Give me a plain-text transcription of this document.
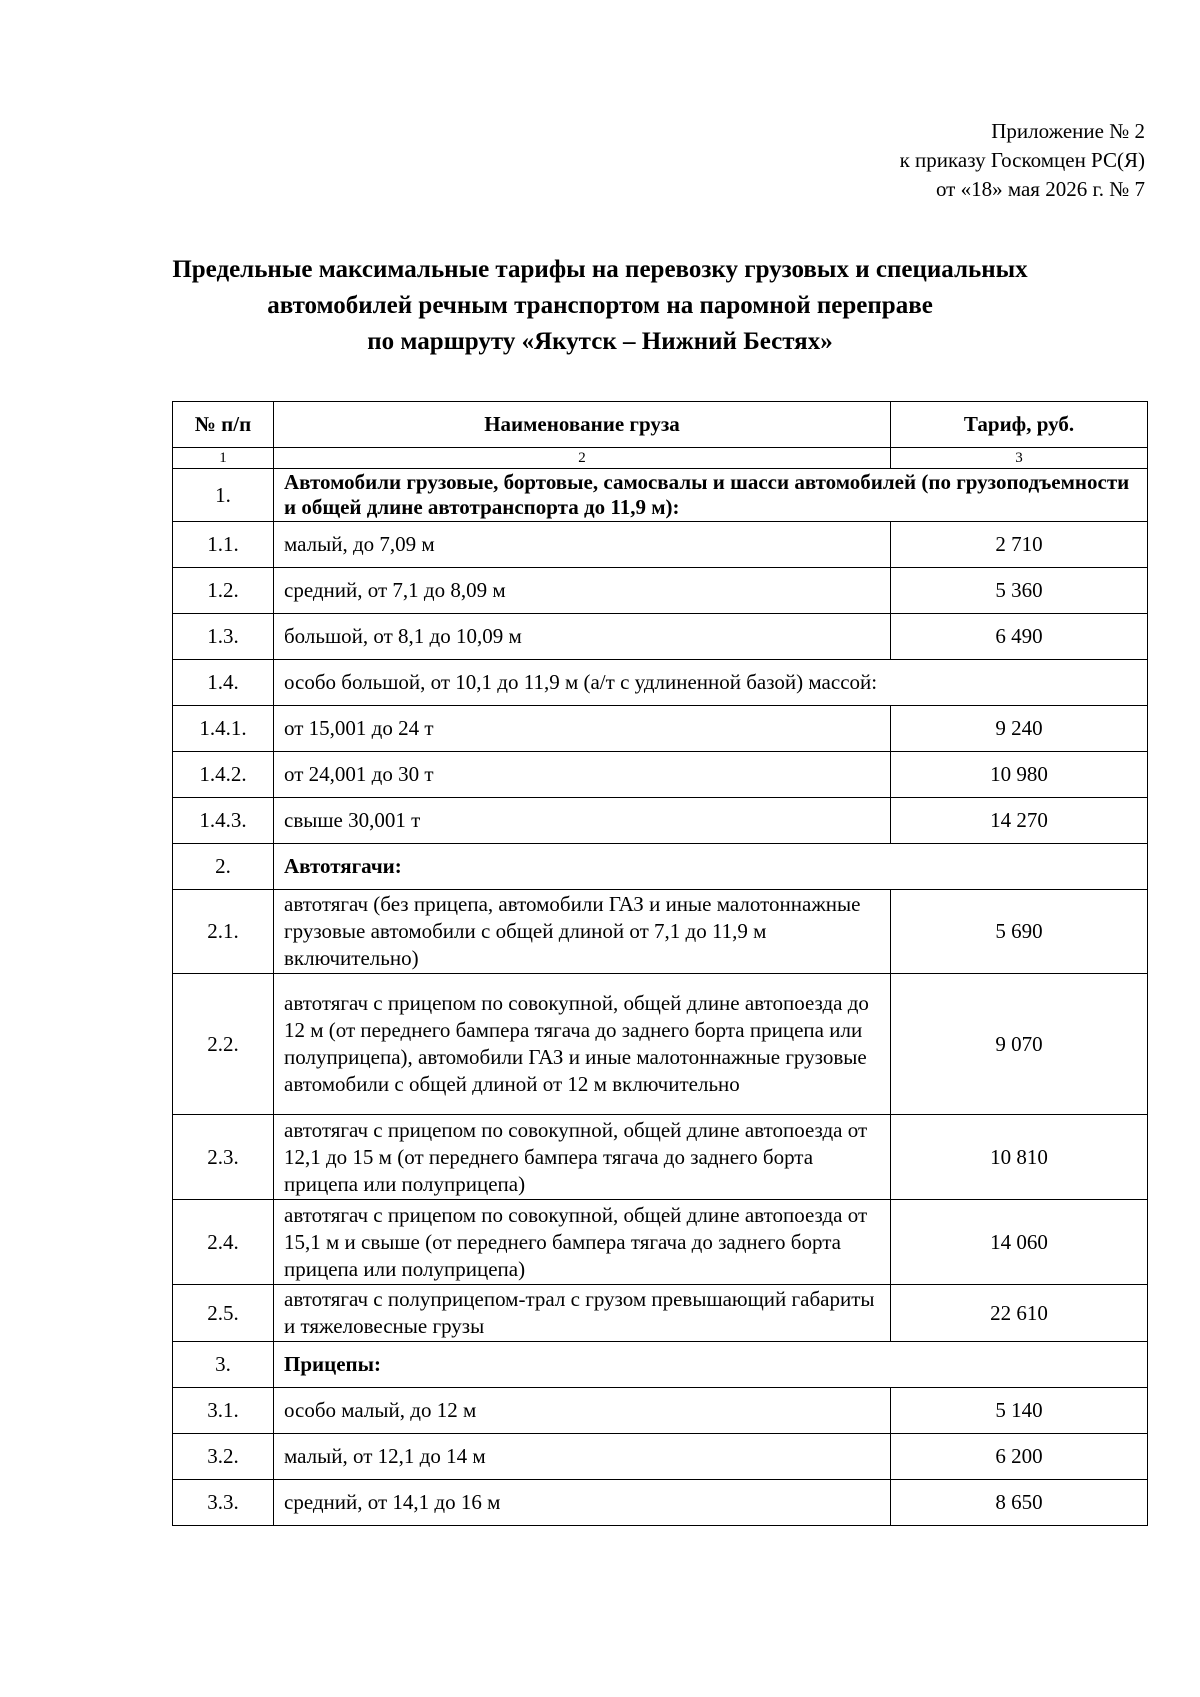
Приложение № 2
к приказу Госкомцен РС(Я)
от «18» мая 2026 г. № 7
Предельные максимальные тарифы на перевозку грузовых и специальных
автомобилей речным транспортом на паромной переправе
по маршруту «Якутск – Нижний Бестях»
№ п/п	Наименование груза	Тариф, руб.
1	2	3
1.	Автомобили грузовые, бортовые, самосвалы и шасси автомобилей (по грузоподъемности и общей длине автотранспорта до 11,9 м):	
1.1.	малый, до 7,09 м	2 710
1.2.	средний, от 7,1 до 8,09 м	5 360
1.3.	большой, от 8,1 до 10,09 м	6 490
1.4.	особо большой, от 10,1 до 11,9 м (а/т с удлиненной базой) массой:	
1.4.1.	от 15,001 до 24 т	9 240
1.4.2.	от 24,001 до 30 т	10 980
1.4.3.	свыше 30,001 т	14 270
2.	Автотягачи:	
2.1.	автотягач (без прицепа, автомобили ГАЗ и иные малотоннажные грузовые автомобили с общей длиной от 7,1 до 11,9 м включительно)	5 690
2.2.	автотягач с прицепом по совокупной, общей длине автопоезда до 12 м (от переднего бампера тягача до заднего борта прицепа или полуприцепа), автомобили ГАЗ и иные малотоннажные грузовые автомобили с общей длиной от 12 м включительно	9 070
2.3.	автотягач с прицепом по совокупной, общей длине автопоезда от 12,1 до 15 м (от переднего бампера тягача до заднего борта прицепа или полуприцепа)	10 810
2.4.	автотягач с прицепом по совокупной, общей длине автопоезда от 15,1 м и свыше (от переднего бампера тягача до заднего борта прицепа или полуприцепа)	14 060
2.5.	автотягач с полуприцепом-трал с грузом превышающий габариты и тяжеловесные грузы	22 610
3.	Прицепы:	
3.1.	особо малый, до 12 м	5 140
3.2.	малый, от 12,1 до 14 м	6 200
3.3.	средний, от 14,1 до 16 м	8 650
